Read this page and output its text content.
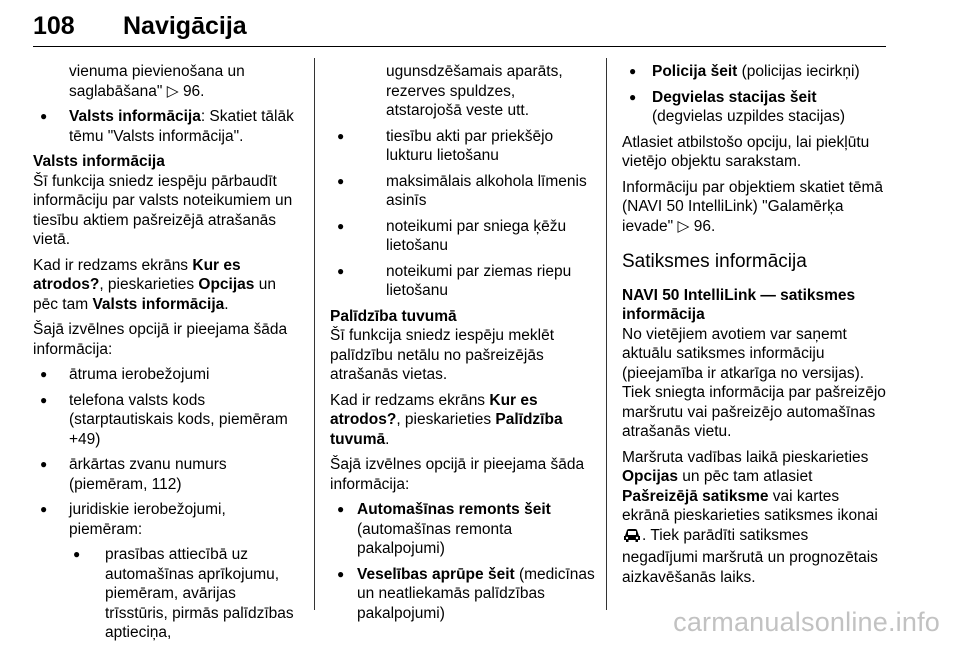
108 Navigācija

vienuma pievienošana un saglabāšana" ▷ 96.

● Valsts informācija: Skatiet tālāk tēmu "Valsts informācija".
Valsts informācija

Šī funkcija sniedz iespēju pārbaudīt informāciju par valsts noteikumiem un tiesību aktiem pašreizējā atrašanās vietā.

Kad ir redzams ekrāns Kur es atrodos?, pieskarieties Opcijas un pēc tam Valsts informācija.

Šajā izvēlnes opcijā ir pieejama šāda informācija:

● ātruma ierobežojumi
● telefona valsts kods (starptautiskais kods, piemēram +49)
● ārkārtas zvanu numurs (piemēram, 112)
● juridiskie ierobežojumi, piemēram:
● prasības attiecībā uz automašīnas aprīkojumu, piemēram, avārijas trīsstūris, pirmās palīdzības aptieciņa,

ugunsdzēšamais aparāts, rezerves spuldzes, atstarojošā veste utt.

● tiesību akti par priekšējo lukturu lietošanu
● maksimālais alkohola līmenis asinīs
● noteikumi par sniega ķēžu lietošanu
● noteikumi par ziemas riepu lietošanu
Palīdzība tuvumā

Šī funkcija sniedz iespēju meklēt palīdzību netālu no pašreizējās atrašanās vietas.

Kad ir redzams ekrāns Kur es atrodos?, pieskarieties Palīdzība tuvumā.

Šajā izvēlnes opcijā ir pieejama šāda informācija:

● Automašīnas remonts šeit (automašīnas remonta pakalpojumi)
● Veselības aprūpe šeit (medicīnas un neatliekamās palīdzības pakalpojumi)
● Policija šeit (policijas iecirkņi)
● Degvielas stacijas šeit (degvielas uzpildes stacijas)

Atlasiet atbilstošo opciju, lai piekļūtu vietējo objektu sarakstam.

Informāciju par objektiem skatiet tēmā (NAVI 50 IntelliLink) "Galamērķa ievade" ▷ 96.

Satiksmes informācija
NAVI 50 IntelliLink — satiksmes informācija

No vietējiem avotiem var saņemt aktuālu satiksmes informāciju (pieejamība ir atkarīga no versijas). Tiek sniegta informācija par pašreizējo maršrutu vai pašreizējo automašīnas atrašanās vietu.

Maršruta vadības laikā pieskarieties Opcijas un pēc tam atlasiet Pašreizējā satiksme vai kartes ekrānā pieskarieties satiksmes ikonai . Tiek parādīti satiksmes negadījumi maršrutā un prognozētais aizkavēšanās laiks.

carmanualsonline.info
